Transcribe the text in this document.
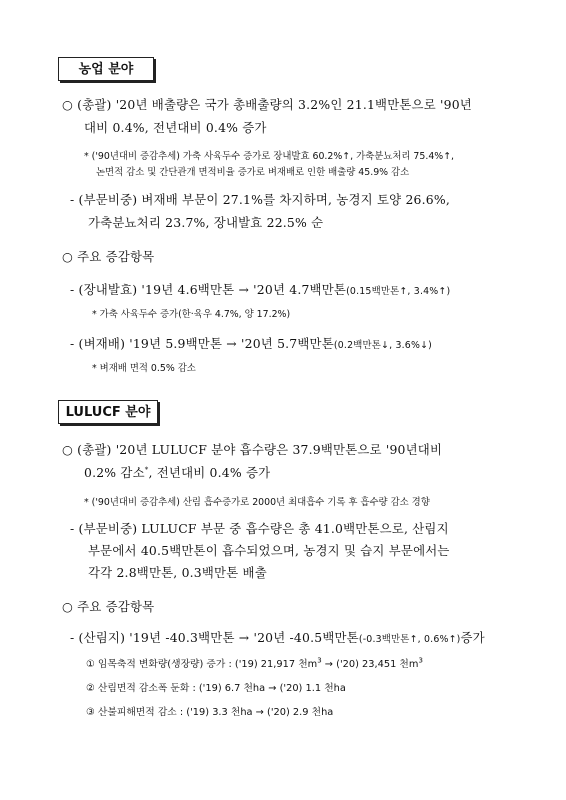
농업 분야
○ (총괄) '20년 배출량은 국가 총배출량의 3.2%인 21.1백만톤으로 '90년
대비 0.4%, 전년대비 0.4% 증가
* ('90년대비 증감추세) 가축 사육두수 증가로 장내발효 60.2%↑, 가축분뇨처리 75.4%↑,
논면적 감소 및 간단관개 면적비율 증가로 벼재배로 인한 배출량 45.9% 감소
- (부문비중) 벼재배 부문이 27.1%를 차지하며, 농경지 토양 26.6%,
가축분뇨처리 23.7%, 장내발효 22.5% 순
○ 주요 증감항목
- (장내발효) '19년 4.6백만톤 → '20년 4.7백만톤(0.15백만톤↑, 3.4%↑)
* 가축 사육두수 증가(한·육우 4.7%, 양 17.2%)
- (벼재배) '19년 5.9백만톤 → '20년 5.7백만톤(0.2백만톤↓, 3.6%↓)
* 벼재배 면적 0.5% 감소
LULUCF 분야
○ (총괄) '20년 LULUCF 분야 흡수량은 37.9백만톤으로 '90년대비
0.2% 감소*, 전년대비 0.4% 증가
* ('90년대비 증감추세) 산림 흡수증가로 2000년 최대흡수 기록 후 흡수량 감소 경향
- (부문비중) LULUCF 부문 중 흡수량은 총 41.0백만톤으로, 산림지
부문에서 40.5백만톤이 흡수되었으며, 농경지 및 습지 부문에서는
각각 2.8백만톤, 0.3백만톤 배출
○ 주요 증감항목
- (산림지) '19년 -40.3백만톤 → '20년 -40.5백만톤(-0.3백만톤↑, 0.6%↑)증가
① 임목축적 변화량(생장량) 증가 : ('19) 21,917 천$m^3 \to ('20)$ 23,451 천$m^3$
② 산림면적 감소폭 둔화 : ('19) 6.7 천ha → ('20) 1.1 천ha
③ 산불피해면적 감소 : ('19) 3.3 천ha → ('20) 2.9 천ha
